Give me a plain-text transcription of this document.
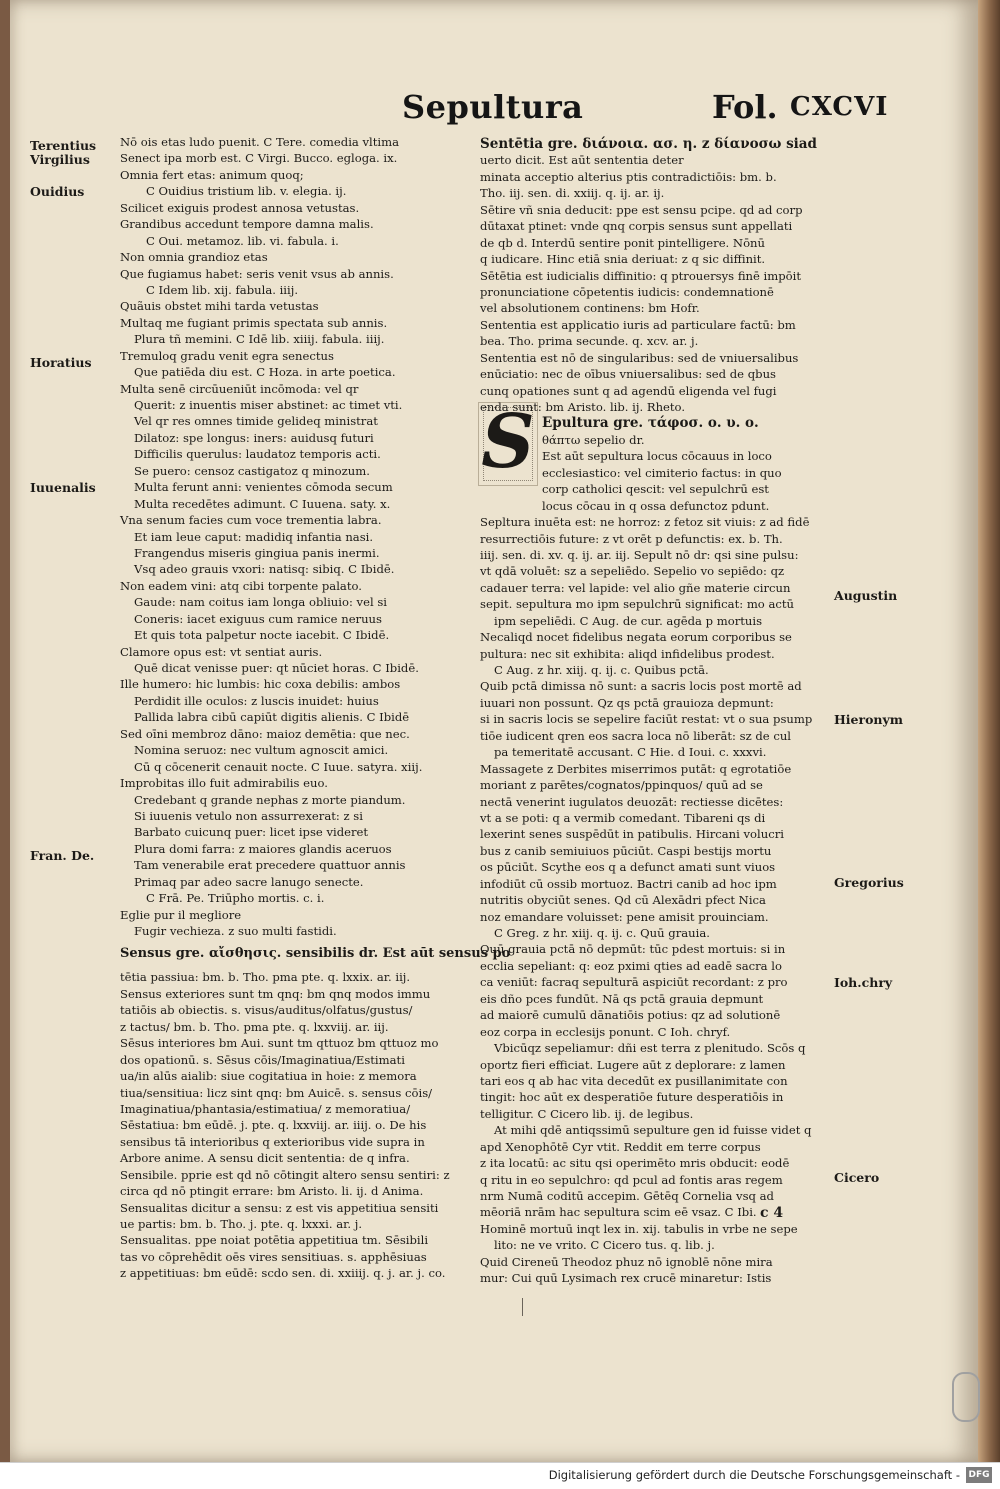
Sepultura	Fol. CXCVI
Terentius
Virgilius
Ouidius
Horatius
Iuuenalis
Fran. De.
Augustin
Hieronym
Gregorius
Ioh.chry
Cicero
Nō ois etas ludo puenit. C Tere. comedia vltima
Senect ipa morb est. C Virgi. Bucco. egloga. ix.
Omnia fert etas: animum quoq;
C Ouidius tristium lib. v. elegia. ij.
Scilicet exiguis prodest annosa vetustas.
Grandibus accedunt tempore damna malis.
C Oui. metamoz. lib. vi. fabula. i.
Non omnia grandioz etas
Que fugiamus habet: seris venit vsus ab annis.
C Idem lib. xij. fabula. iiij.
Quãuis obstet mihi tarda vetustas
Multaq me fugiant primis spectata sub annis.
Plura tñ memini. C Idē lib. xiiij. fabula. iiij.
Tremuloq gradu venit egra senectus
Que patiēda diu est. C Hoza. in arte poetica.
Multa senē circūueniūt incōmoda: vel qr
Querit: z inuentis miser abstinet: ac timet vti.
Vel qr res omnes timide gelideq ministrat
Dilatoz: spe longus: iners: auidusq futuri
Difficilis querulus: laudatoz temporis acti.
Se puero: censoz castigatoz q minozum.
Multa ferunt anni: venientes cōmoda secum
Multa recedētes adimunt. C Iuuena. saty. x.
Vna senum facies cum voce trementia labra.
Et iam leue caput: madidiq infantia nasi.
Frangendus miseris gingiua panis inermi.
Vsq adeo grauis vxori: natisq: sibiq. C Ibidē.
Non eadem vini: atq cibi torpente palato.
Gaude: nam coitus iam longa obliuio: vel si
Coneris: iacet exiguus cum ramice neruus
Et quis tota palpetur nocte iacebit. C Ibidē.
Clamore opus est: vt sentiat auris.
Quē dicat venisse puer: qt nūciet horas. C Ibidē.
Ille humero: hic lumbis: hic coxa debilis: ambos
Perdidit ille oculos: z luscis inuidet: huius
Pallida labra cibū capiūt digitis alienis. C Ibidē
Sed oīni membroz dāno: maioz demētia: que nec.
Nomina seruoz: nec vultum agnoscit amici.
Cū q cōcenerit cenauit nocte. C Iuue. satyra. xiij.
Improbitas illo fuit admirabilis euo.
Credebant q grande nephas z morte piandum.
Si iuuenis vetulo non assurrexerat: z si
Barbato cuicunq puer: licet ipse videret
Plura domi farra: z maiores glandis aceruos
Tam venerabile erat precedere quattuor annis
Primaq par adeo sacre lanugo senecte.
C Frā. Pe. Triūpho mortis. c. i.
Eglie pur il megliore
Fugir vechieza. z suo multi fastidi.
Sensus gre. αἴσθησις. sensibilis dr. Est aūt sensus po
tētia passiua: bm. b. Tho. pma pte. q. lxxix. ar. iij.
Sensus exteriores sunt tm qnq: bm qnq modos immu
tatiōis ab obiectis. s. visus/auditus/olfatus/gustus/
z tactus/ bm. b. Tho. pma pte. q. lxxviij. ar. iij.
Sēsus interiores bm Aui. sunt tm qttuoz bm qttuoz mo
dos opationū. s. Sēsus cōis/Imaginatiua/Estimati
ua/in alūs aialib: siue cogitatiua in hoie: z memora
tiua/sensitiua: licz sint qnq: bm Auicē. s. sensus cōis/
Imaginatiua/phantasia/estimatiua/ z memoratiua/
Sēstatiua: bm eūdē. j. pte. q. lxxviij. ar. iiij. o. De his
sensibus tā interioribus q exterioribus vide supra in
Arbore anime. A sensu dicit sententia: de q infra.
Sensibile. pprie est qd nō cōtingit altero sensu sentiri: z
circa qd nō ptingit errare: bm Aristo. li. ij. d Anima.
Sensualitas dicitur a sensu: z est vis appetitiua sensiti
ue partis: bm. b. Tho. j. pte. q. lxxxi. ar. j.
Sensualitas. ppe noiat potētia appetitiua tm. Sēsibili
tas vo cōprehēdit oēs vires sensitiuas. s. apphēsiuas
z appetitiuas: bm eūdē: scdo sen. di. xxiiij. q. j. ar. j. co.
S
Sentētia gre. διάνοια. ασ. η. z δίανοσω siad
uerto dicit. Est aūt sententia deter
minata acceptio alterius ptis contradictiōis: bm. b.
Tho. iij. sen. di. xxiij. q. ij. ar. ij.
Sētire vñ snia deducit: ppe est sensu pcipe. qd ad corp
dūtaxat ptinet: vnde qnq corpis sensus sunt appellati
de qb d. Interdū sentire ponit pintelligere. Nōnū
q iudicare. Hinc etiā snia deriuat: z q sic diffinit.
Sētētia est iudicialis diffinitio: q ptrouersys finē impōit
pronunciatione cōpetentis iudicis: condemnationē
vel absolutionem continens: bm Hofr.
Sententia est applicatio iuris ad particulare factū: bm
bea. Tho. prima secunde. q. xcv. ar. j.
Sententia est nō de singularibus: sed de vniuersalibus
enūciatio: nec de oībus vniuersalibus: sed de qbus
cunq opationes sunt q ad agendū eligenda vel fugi
enda sunt: bm Aristo. lib. ij. Rheto.
Epultura gre. τάφοσ. ο. υ. ο.
θάπτω sepelio dr.
Est aūt sepultura locus cōcauus in loco
ecclesiastico: vel cimiterio factus: in quo
corp catholici qescit: vel sepulchrū est
locus cōcau in q ossa defunctoz pdunt.
Sepltura inuēta est: ne horroz: z fetoz sit viuis: z ad fidē
resurrectiōis future: z vt orēt p defunctis: ex. b. Th.
iiij. sen. di. xv. q. ij. ar. iij. Sepult nō dr: qsi sine pulsu:
vt qdā voluēt: sz a sepeliēdo. Sepelio vo sepiēdo: qz
cadauer terra: vel lapide: vel alio gñe materie circun
sepit. sepultura mo ipm sepulchrū significat: mo actū
ipm sepeliēdi. C Aug. de cur. agēda p mortuis
Necaliqd nocet fidelibus negata eorum corporibus se
pultura: nec sit exhibita: aliqd infidelibus prodest.
C Aug. z hr. xiij. q. ij. c. Quibus pctā.
Quib pctā dimissa nō sunt: a sacris locis post mortē ad
iuuari non possunt. Qz qs pctā grauioza depmunt:
si in sacris locis se sepelire faciūt restat: vt o sua psump
tiōe iudicent qren eos sacra loca nō liberāt: sz de cul
pa temeritatē accusant. C Hie. d Ioui. c. xxxvi.
Massagete z Derbites miserrimos putāt: q egrotatiōe
moriant z parētes/cognatos/ppinquos/ quū ad se
nectā venerint iugulatos deuozāt: rectiesse dicētes:
vt a se poti: q a vermib comedant. Tibareni qs di
lexerint senes suspēdūt in patibulis. Hircani volucri
bus z canib semiuiuos pūciūt. Caspi bestijs mortu
os pūciūt. Scythe eos q a defunct amati sunt viuos
infodiūt cū ossib mortuoz. Bactri canib ad hoc ipm
nutritis obyciūt senes. Qd cū Alexādri pfect Nica
noz emandare voluisset: pene amisit prouinciam.
C Greg. z hr. xiij. q. ij. c. Quū grauia.
Quū grauia pctā nō depmūt: tūc pdest mortuis: si in
ecclia sepeliant: q: eoz pximi qties ad eadē sacra lo
ca veniūt: facraq sepulturā aspiciūt recordant: z pro
eis dño pces fundūt. Nā qs pctā grauia depmunt
ad maiorē cumulū dānatiōis potius: qz ad solutionē
eoz corpa in ecclesijs ponunt. C Ioh. chryf.
Vbicūqz sepeliamur: dñi est terra z plenitudo. Scōs q
oportz fieri efficiat. Lugere aūt z deplorare: z lamen
tari eos q ab hac vita decedūt ex pusillanimitate con
tingit: hoc aūt ex desperatiōe future desperatiōis in
telligitur. C Cicero lib. ij. de legibus.
At mihi qdē antiqssimū sepulture gen id fuisse videt q
apd Xenophōtē Cyr vtit. Reddit em terre corpus
z ita locatū: ac situ qsi operimēto mris obducit: eodē
q ritu in eo sepulchro: qd pcul ad fontis aras regem
nrm Numā coditū accepim. Gētēq Cornelia vsq ad
mēoriā nrām hac sepultura scim eē vsaz. C Ibi.
Hominē mortuū inqt lex in. xij. tabulis in vrbe ne sepe
lito: ne ve vrito. C Cicero tus. q. lib. j.
Quid Cireneū Theodoz phuz nō ignoblē nōne mira
mur: Cui quū Lysimach rex crucē minaretur: Istis
c 4
Digitalisierung gefördert durch die Deutsche Forschungsgemeinschaft - DFG
